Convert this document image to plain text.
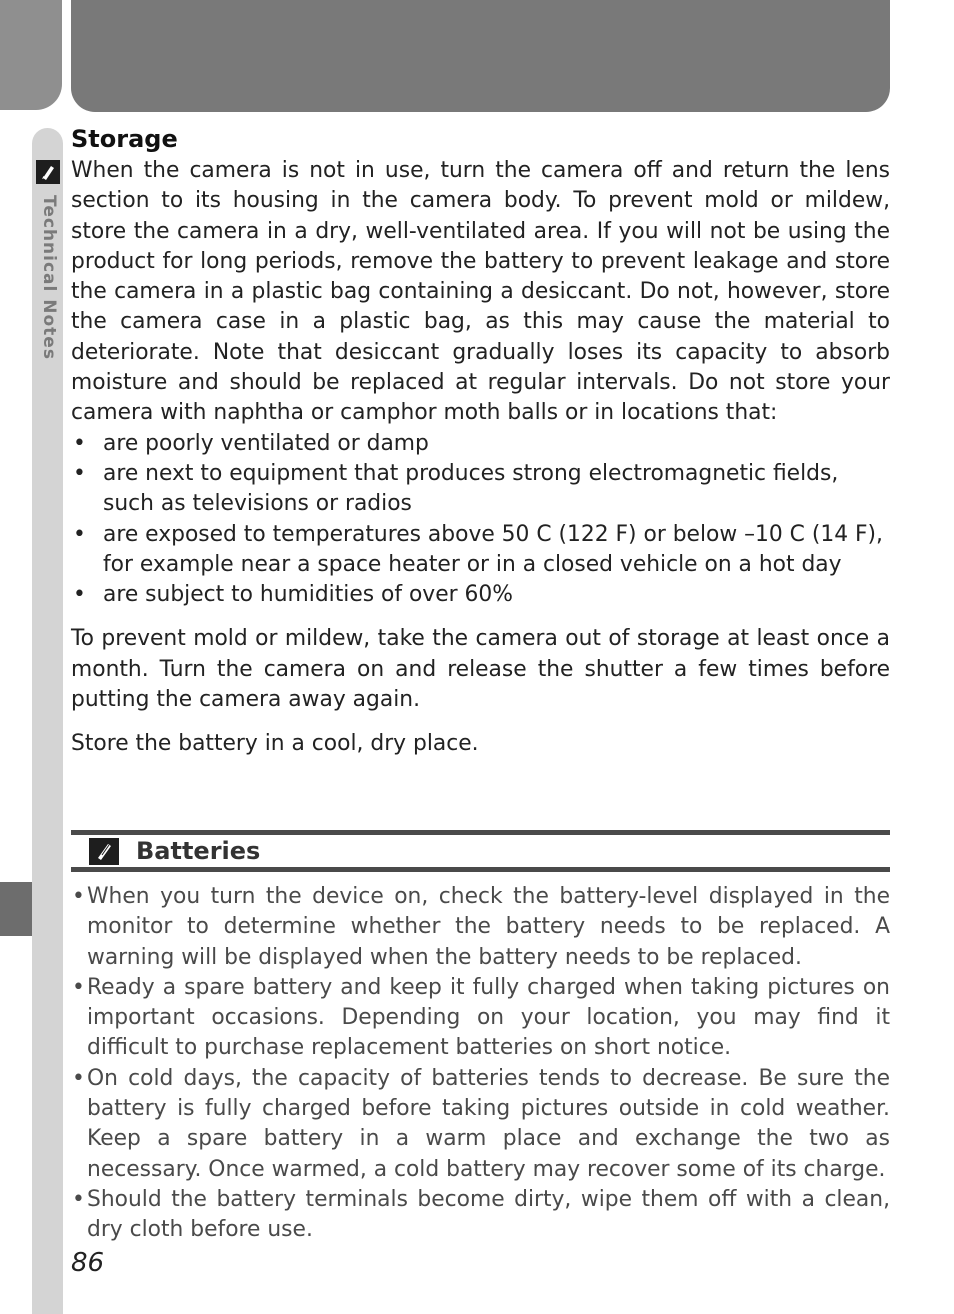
Technical Notes
Storage

When the camera is not in use, turn the camera off and return the lens section to its housing in the camera body. To prevent mold or mildew, store the camera in a dry, well-ventilated area. If you will not be using the product for long periods, remove the battery to prevent leakage and store the camera in a plastic bag containing a desiccant. Do not, however, store the camera case in a plastic bag, as this may cause the material to deteriorate. Note that desiccant gradually loses its capacity to absorb moisture and should be replaced at regular intervals. Do not store your camera with naphtha or camphor moth balls or in locations that:

• are poorly ventilated or damp
• are next to equipment that produces strong electromagnetic fields, such as televisions or radios
• are exposed to temperatures above 50 C (122 F) or below –10 C (14 F), for example near a space heater or in a closed vehicle on a hot day
• are subject to humidities of over 60%

To prevent mold or mildew, take the camera out of storage at least once a month. Turn the camera on and release the shutter a few times before putting the camera away again.

Store the battery in a cool, dry place.

Batteries
• When you turn the device on, check the battery-level displayed in the monitor to determine whether the battery needs to be replaced. A warning will be displayed when the battery needs to be replaced.
• Ready a spare battery and keep it fully charged when taking pictures on important occasions. Depending on your location, you may find it difficult to purchase replacement batteries on short notice.
• On cold days, the capacity of batteries tends to decrease. Be sure the battery is fully charged before taking pictures outside in cold weather. Keep a spare battery in a warm place and exchange the two as necessary. Once warmed, a cold battery may recover some of its charge.
• Should the battery terminals become dirty, wipe them off with a clean, dry cloth before use.
86
